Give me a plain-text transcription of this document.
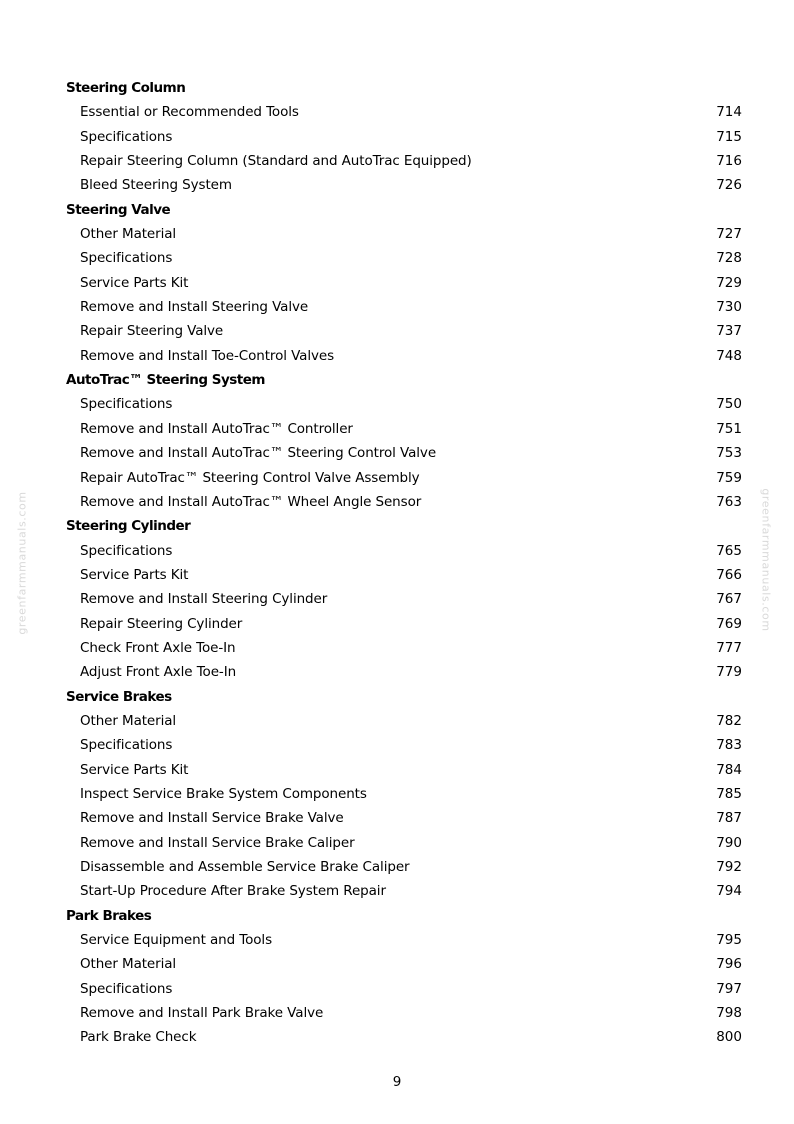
greenfarmmanuals.com	greenfarmmanuals.com
Steering Column
Essential or Recommended Tools	714
Specifications	715
Repair Steering Column (Standard and AutoTrac Equipped)	716
Bleed Steering System	726
Steering Valve
Other Material	727
Specifications	728
Service Parts Kit	729
Remove and Install Steering Valve	730
Repair Steering Valve	737
Remove and Install Toe-Control Valves	748
AutoTrac™ Steering System
Specifications	750
Remove and Install AutoTrac™ Controller	751
Remove and Install AutoTrac™ Steering Control Valve	753
Repair AutoTrac™ Steering Control Valve Assembly	759
Remove and Install AutoTrac™ Wheel Angle Sensor	763
Steering Cylinder
Specifications	765
Service Parts Kit	766
Remove and Install Steering Cylinder	767
Repair Steering Cylinder	769
Check Front Axle Toe-In	777
Adjust Front Axle Toe-In	779
Service Brakes
Other Material	782
Specifications	783
Service Parts Kit	784
Inspect Service Brake System Components	785
Remove and Install Service Brake Valve	787
Remove and Install Service Brake Caliper	790
Disassemble and Assemble Service Brake Caliper	792
Start-Up Procedure After Brake System Repair	794
Park Brakes
Service Equipment and Tools	795
Other Material	796
Specifications	797
Remove and Install Park Brake Valve	798
Park Brake Check	800
9
